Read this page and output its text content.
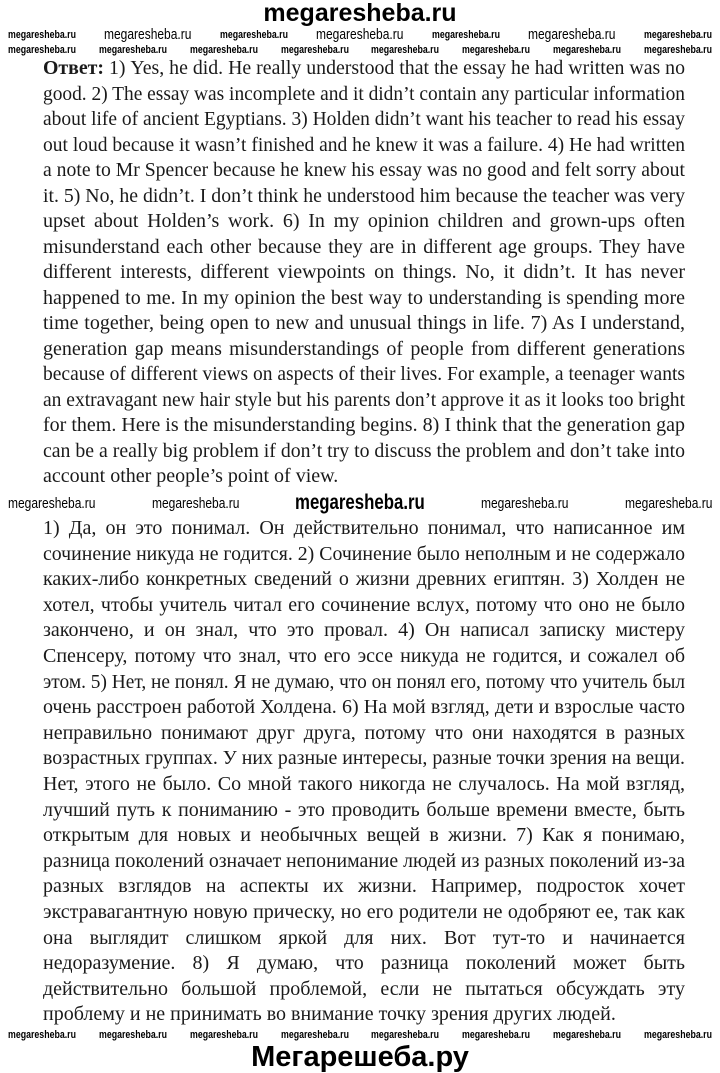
megaresheba.ru
Ответ: 1) Yes, he did. He really understood that the essay he had written was no
good. 2) The essay was incomplete and it didn’t contain any particular information
about life of ancient Egyptians. 3) Holden didn’t want his teacher to read his essay
out loud because it wasn’t finished and he knew it was a failure. 4) He had written
a note to Mr Spencer because he knew his essay was no good and felt sorry about
it. 5) No, he didn’t. I don’t think he understood him because the teacher was very
upset about Holden’s work. 6) In my opinion children and grown-ups often
misunderstand each other because they are in different age groups. They have
different interests, different viewpoints on things. No, it didn’t. It has never
happened to me. In my opinion the best way to understanding is spending more
time together, being open to new and unusual things in life. 7) As I understand,
generation gap means misunderstandings of people from different generations
because of different views on aspects of their lives. For example, a teenager wants
an extravagant new hair style but his parents don’t approve it as it looks too bright
for them. Here is the misunderstanding begins. 8) I think that the generation gap
can be a really big problem if don’t try to discuss the problem and don’t take into
account other people’s point of view.
1) Да, он это понимал. Он действительно понимал, что написанное им
сочинение никуда не годится. 2) Сочинение было неполным и не содержало
каких-либо конкретных сведений о жизни древних египтян. 3) Холден не
хотел, чтобы учитель читал его сочинение вслух, потому что оно не было
закончено, и он знал, что это провал. 4) Он написал записку мистеру
Спенсеру, потому что знал, что его эссе никуда не годится, и сожалел об
этом. 5) Нет, не понял. Я не думаю, что он понял его, потому что учитель был
очень расстроен работой Холдена. 6) На мой взгляд, дети и взрослые часто
неправильно понимают друг друга, потому что они находятся в разных
возрастных группах. У них разные интересы, разные точки зрения на вещи.
Нет, этого не было. Со мной такого никогда не случалось. На мой взгляд,
лучший путь к пониманию - это проводить больше времени вместе, быть
открытым для новых и необычных вещей в жизни. 7) Как я понимаю,
разница поколений означает непонимание людей из разных поколений из-за
разных взглядов на аспекты их жизни. Например, подросток хочет
экстравагантную новую прическу, но его родители не одобряют ее, так как
она выглядит слишком яркой для них. Вот тут-то и начинается
недоразумение. 8) Я думаю, что разница поколений может быть
действительно большой проблемой, если не пытаться обсуждать эту
проблему и не принимать во внимание точку зрения других людей.
megaresheba.ru megaresheba.ru	megaresheba.ru megaresheba.ru	megaresheba.ru megaresheba.ru	megaresheba.ru
megaresheba.ru megaresheba.ru megaresheba.ru megaresheba.ru megaresheba.ru megaresheba.ru megaresheba.ru megaresheba.ru
megaresheba.ru	megaresheba.ru	megaresheba.ru	megaresheba.ru	megaresheba.ru
megaresheba.ru megaresheba.ru megaresheba.ru megaresheba.ru megaresheba.ru megaresheba.ru megaresheba.ru megaresheba.ru
Мегарешеба.ру
